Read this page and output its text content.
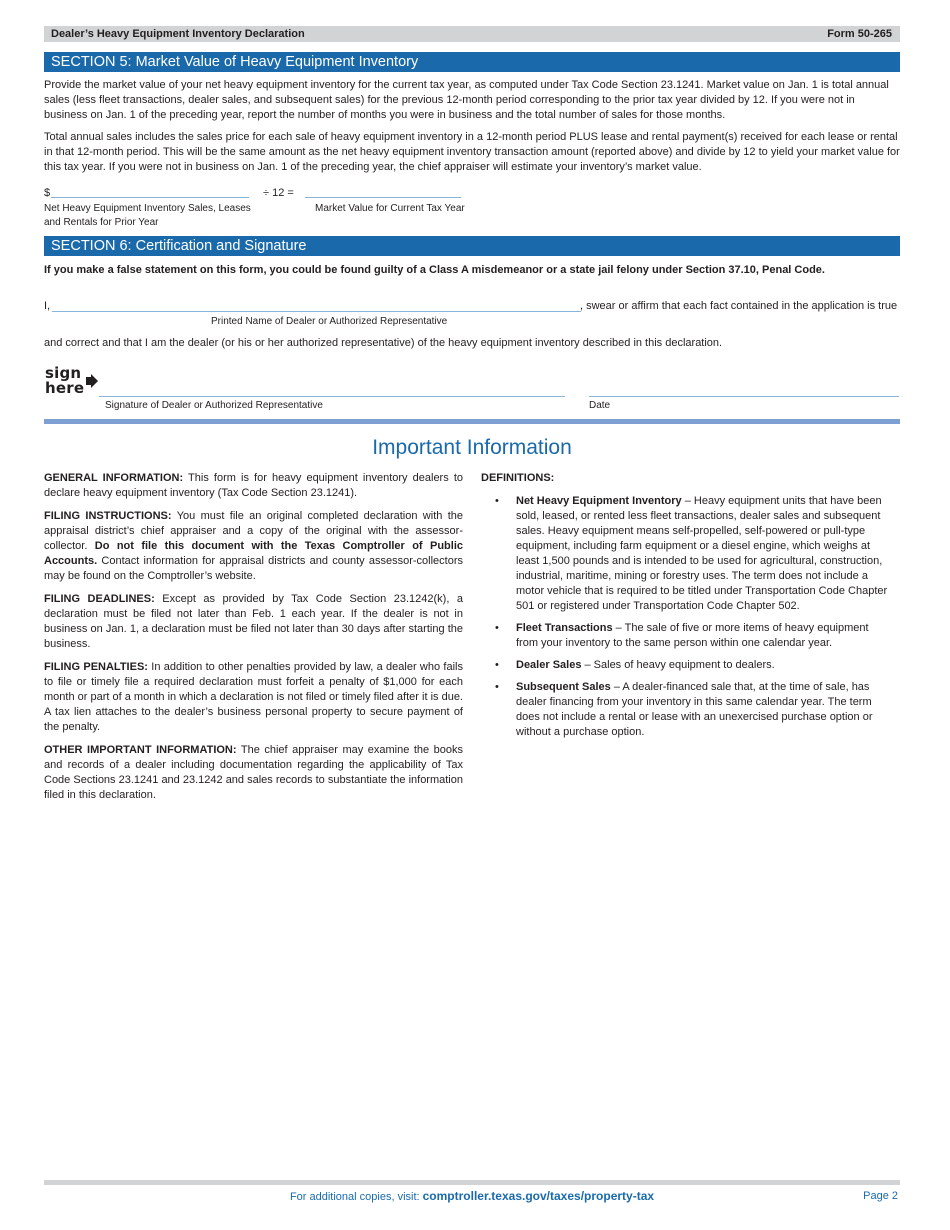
Dealer’s Heavy Equipment Inventory Declaration	Form 50-265
SECTION 5: Market Value of Heavy Equipment Inventory
Provide the market value of your net heavy equipment inventory for the current tax year, as computed under Tax Code Section 23.1241. Market value on Jan. 1 is total annual sales (less fleet transactions, dealer sales, and subsequent sales) for the previous 12-month period corresponding to the prior tax year divided by 12. If you were not in business on Jan. 1 of the preceding year, report the number of months you were in business and the total number of sales for those months.
Total annual sales includes the sales price for each sale of heavy equipment inventory in a 12-month period PLUS lease and rental payment(s) received for each lease or rental in that 12-month period. This will be the same amount as the net heavy equipment inventory transaction amount (reported above) and divide by 12 to yield your market value for this tax year. If you were not in business on Jan. 1 of the preceding year, the chief appraiser will estimate your inventory’s market value.
$	÷ 12 =
Net Heavy Equipment Inventory Sales, Leases
and Rentals for Prior Year
Market Value for Current Tax Year
SECTION 6: Certification and Signature
If you make a false statement on this form, you could be found guilty of a Class A misdemeanor or a state jail felony under Section 37.10, Penal Code.
I,	, swear or affirm that each fact contained in the application is true
Printed Name of Dealer or Authorized Representative
and correct and that I am the dealer (or his or her authorized representative) of the heavy equipment inventory described in this declaration.
sign
here
Signature of Dealer or Authorized Representative	Date
Important Information

GENERAL INFORMATION: This form is for heavy equipment inventory dealers to declare heavy equipment inventory (Tax Code Section 23.1241).

FILING INSTRUCTIONS: You must file an original completed declaration with the appraisal district’s chief appraiser and a copy of the original with the assessor-collector. Do not file this document with the Texas Comptroller of Public Accounts. Contact information for appraisal districts and county assessor-collectors may be found on the Comptroller’s website.

FILING DEADLINES: Except as provided by Tax Code Section 23.1242(k), a declaration must be filed not later than Feb. 1 each year. If the dealer is not in business on Jan. 1, a declaration must be filed not later than 30 days after starting the business.

FILING PENALTIES: In addition to other penalties provided by law, a dealer who fails to file or timely file a required declaration must forfeit a penalty of $1,000 for each month or part of a month in which a declaration is not filed or timely filed after it is due. A tax lien attaches to the dealer’s business personal property to secure payment of the penalty.

OTHER IMPORTANT INFORMATION: The chief appraiser may examine the books and records of a dealer including documentation regarding the applicability of Tax Code Sections 23.1241 and 23.1242 and sales records to substantiate the information filed in this declaration.

DEFINITIONS:
• Net Heavy Equipment Inventory – Heavy equipment units that have been sold, leased, or rented less fleet transactions, dealer sales and subsequent sales. Heavy equipment means self-propelled, self-powered or pull-type equipment, including farm equipment or a diesel engine, which weighs at least 1,500 pounds and is intended to be used for agricultural, construction, industrial, maritime, mining or forestry uses. The term does not include a motor vehicle that is required to be titled under Transportation Code Chapter 501 or registered under Transportation Code Chapter 502.
• Fleet Transactions – The sale of five or more items of heavy equipment from your inventory to the same person within one calendar year.
• Dealer Sales – Sales of heavy equipment to dealers.
• Subsequent Sales – A dealer-financed sale that, at the time of sale, has dealer financing from your inventory in this same calendar year. The term does not include a rental or lease with an unexercised purchase option or without a purchase option.
For additional copies, visit: comptroller.texas.gov/taxes/property-tax	Page 2
